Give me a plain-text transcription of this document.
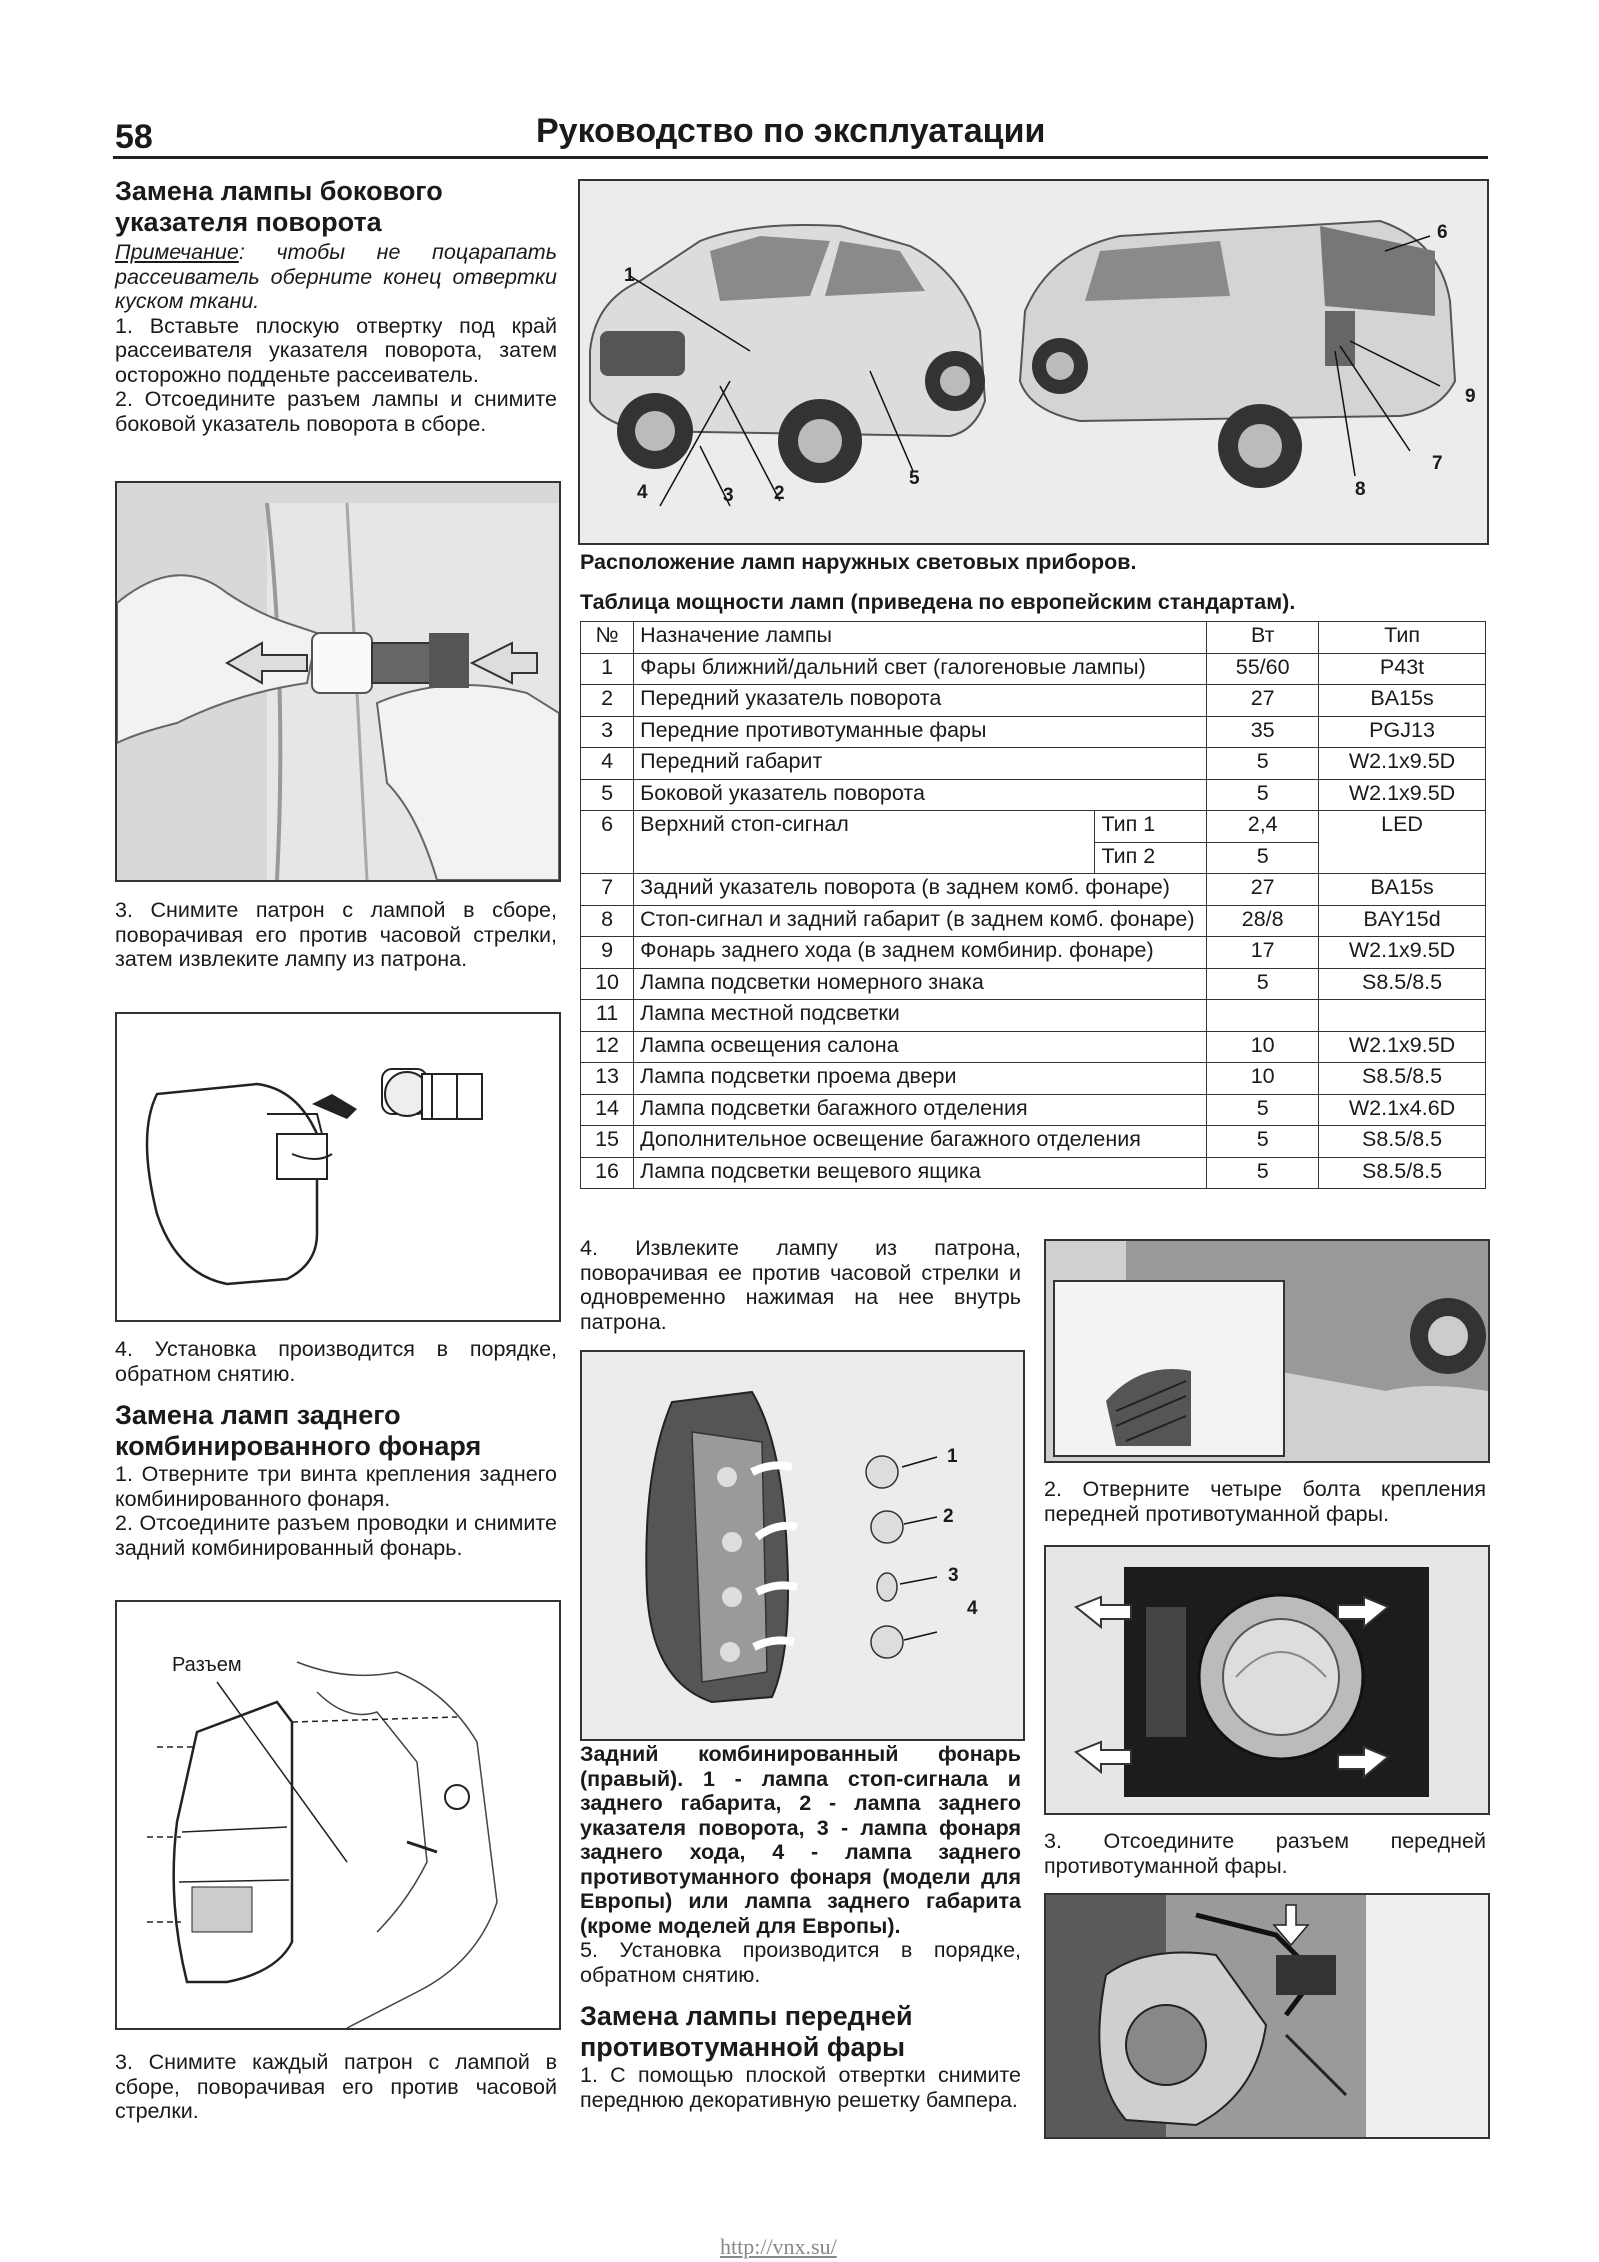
58	Руководство по эксплуатации
Замена лампы бокового указателя поворота

Примечание: чтобы не поцарапать рассеиватель оберните конец отвертки куском ткани.

1. Вставьте плоскую отвертку под край рассеивателя указателя поворота, затем осторожно подденьте рассеиватель.

2. Отсоедините разъем лампы и снимите боковой указатель поворота в сборе.

3. Снимите патрон с лампой в сборе, поворачивая его против часовой стрелки, затем извлеките лампу из патрона.
4. Установка производится в порядке, обратном снятию.
Замена ламп заднего комбинированного фонаря

1. Отверните три винта крепления заднего комбинированного фонаря.

2. Отсоедините разъем проводки и снимите задний комбинированный фонарь.

Разъем
3. Снимите каждый патрон с лампой в сборе, поворачивая его против часовой стрелки.
1
2
3
4
5
6
7
8
9
Расположение ламп наружных световых приборов.
Таблица мощности ламп (приведена по европейским стандартам).
№	Назначение лампы		Вт	Тип
1	Фары ближний/дальний свет (галогеновые лампы)		55/60	P43t
2	Передний указатель поворота		27	BA15s
3	Передние противотуманные фары		35	PGJ13
4	Передний габарит		5	W2.1x9.5D
5	Боковой указатель поворота		5	W2.1x9.5D
6	Верхний стоп-сигнал	Тип 1	2,4	LED
		Тип 2	5	
7	Задний указатель поворота (в заднем комб. фонаре)		27	BA15s
8	Стоп-сигнал и задний габарит (в заднем комб. фонаре)		28/8	BAY15d
9	Фонарь заднего хода (в заднем комбинир. фонаре)		17	W2.1x9.5D
10	Лампа подсветки номерного знака		5	S8.5/8.5
11	Лампа местной подсветки			
12	Лампа освещения салона		10	W2.1x9.5D
13	Лампа подсветки проема двери		10	S8.5/8.5
14	Лампа подсветки багажного отделения		5	W2.1x4.6D
15	Дополнительное освещение багажного отделения		5	S8.5/8.5
16	Лампа подсветки вещевого ящика		5	S8.5/8.5
4. Извлеките лампу из патрона, поворачивая ее против часовой стрелки и одновременно нажимая на нее внутрь патрона.
1
2
3
4
Задний комбинированный фонарь (правый). 1 - лампа стоп-сигнала и заднего габарита, 2 - лампа заднего указателя поворота, 3 - лампа фонаря заднего хода, 4 - лампа заднего противотуманного фонаря (модели для Европы) или лампа заднего габарита (кроме моделей для Европы).
5. Установка производится в порядке, обратном снятию.
Замена лампы передней противотуманной фары
1. С помощью плоской отвертки снимите переднюю декоративную решетку бампера.
2. Отверните четыре болта крепления передней противотуманной фары.
3. Отсоедините разъем передней противотуманной фары.
http://vnx.su/
